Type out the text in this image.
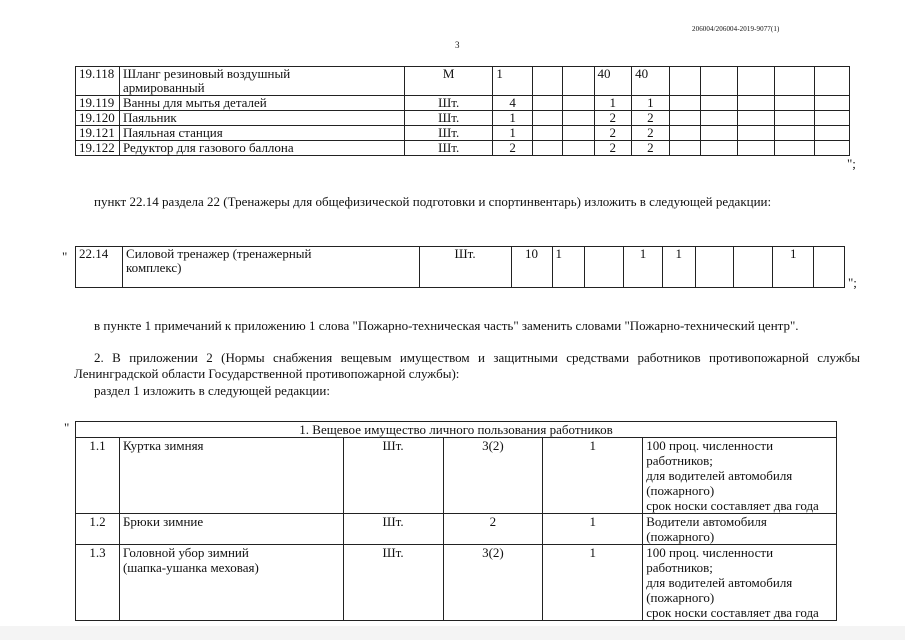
206004/206004-2019-9077(1)
3
19.118	Шланг резиновый воздушный
армированный	М	1			40	40					
19.119	Ванны для мытья деталей	Шт.	4			1	1					
19.120	Паяльник	Шт.	1			2	2					
19.121	Паяльная станция	Шт.	1			2	2					
19.122	Редуктор для газового баллона	Шт.	2			2	2					
";
пункт 22.14 раздела 22 (Тренажеры для общефизической подготовки и спортинвентарь) изложить в следующей редакции:
" 22.14	Силовой тренажер (тренажерный
комплекс)	Шт.	10	1		1	1			1	
";
в пункте 1 примечаний к приложению 1 слова "Пожарно-техническая часть" заменить словами "Пожарно-технический центр".
2. В приложении 2 (Нормы снабжения вещевым имуществом и защитными средствами работников противопожарной службы Ленинградской области Государственной противопожарной службы):
раздел 1 изложить в следующей редакции:
"	1. Вещевое имущество личного пользования работников					
1.1	Куртка зимняя	Шт.	3(2)	1	100 проц. численности работников;
для водителей автомобиля (пожарного)
срок носки составляет два года
1.2	Брюки зимние	Шт.	2	1	Водители автомобиля (пожарного)
1.3	Головной убор зимний
(шапка-ушанка меховая)	Шт.	3(2)	1	100 проц. численности работников;
для водителей автомобиля (пожарного)
срок носки составляет два года
